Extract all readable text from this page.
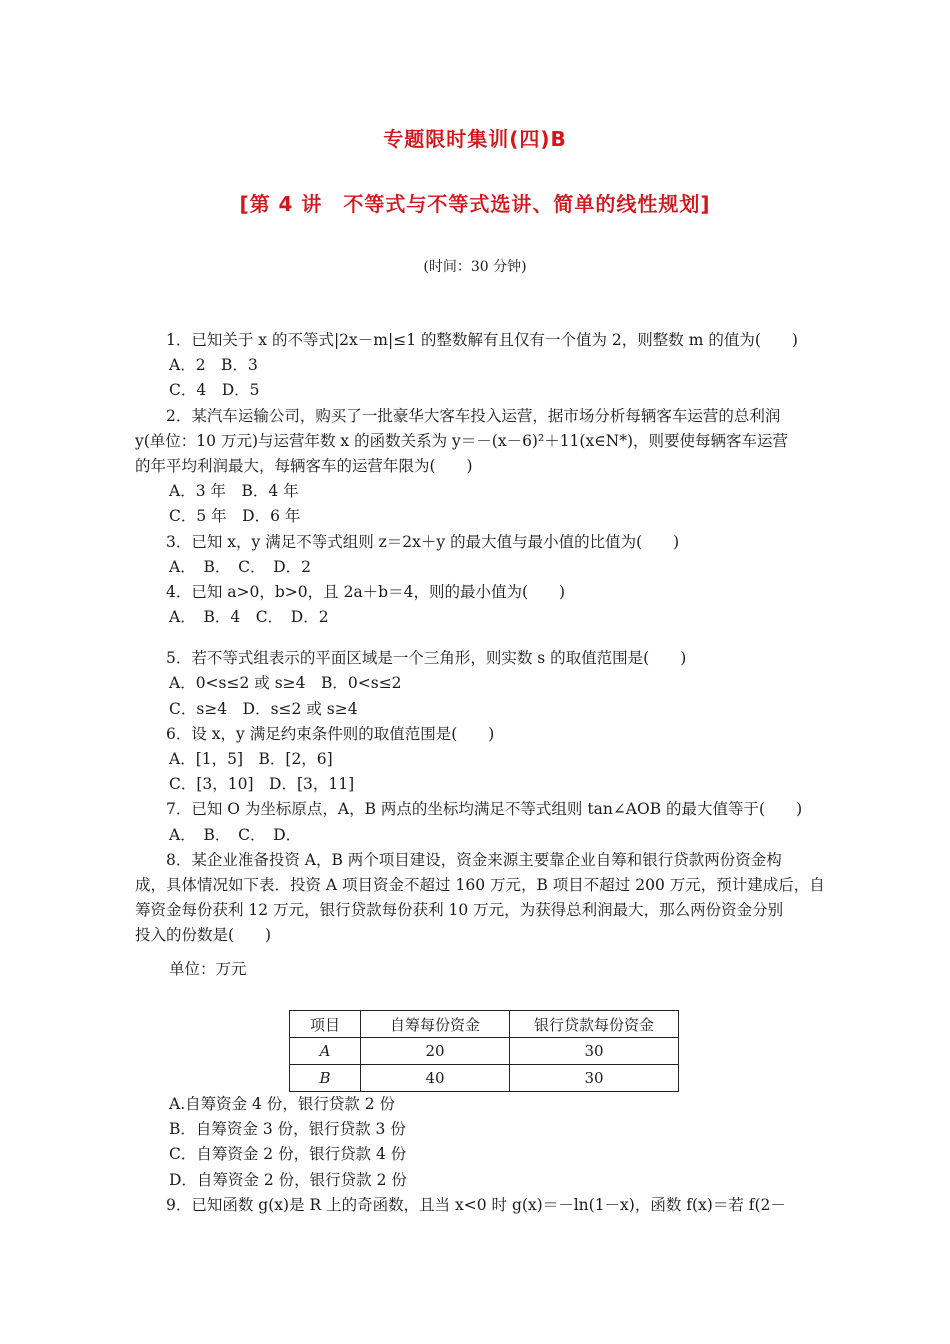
专题限时集训(四)B
[第 4 讲　不等式与不等式选讲、简单的线性规划]
(时间：30 分钟)
1．已知关于 x 的不等式|2x－m|≤1 的整数解有且仅有一个值为 2，则整数 m 的值为(　　)
A．2　B．3
C．4　D．5
2．某汽车运输公司，购买了一批豪华大客车投入运营，据市场分析每辆客车运营的总利润
y(单位：10 万元)与运营年数 x 的函数关系为 y＝－(x－6)²＋11(x∈N*)，则要使每辆客车运营
的年平均利润最大，每辆客车的运营年限为(　　)
A．3 年　B．4 年
C．5 年　D．6 年
3．已知 x，y 满足不等式组则 z＝2x＋y 的最大值与最小值的比值为(　　)
A．　B．　C．　D．2
4．已知 a>0，b>0，且 2a＋b＝4，则的最小值为(　　)
A．　B．4　C．　D．2
5．若不等式组表示的平面区域是一个三角形，则实数 s 的取值范围是(　　)
A．0<s≤2 或 s≥4　B．0<s≤2
C．s≥4　D．s≤2 或 s≥4
6．设 x，y 满足约束条件则的取值范围是(　　)
A．[1，5]　B．[2，6]
C．[3，10]　D．[3，11]
7．已知 O 为坐标原点，A，B 两点的坐标均满足不等式组则 tan∠AOB 的最大值等于(　　)
A．　B．　C．　D．
8．某企业准备投资 A，B 两个项目建设，资金来源主要靠企业自筹和银行贷款两份资金构
成，具体情况如下表．投资 A 项目资金不超过 160 万元，B 项目不超过 200 万元，预计建成后，自
筹资金每份获利 12 万元，银行贷款每份获利 10 万元，为获得总利润最大，那么两份资金分别
投入的份数是(　　)
单位：万元
项目	自筹每份资金	银行贷款每份资金
A	20	30
B	40	30
A.自筹资金 4 份，银行贷款 2 份
B．自筹资金 3 份，银行贷款 3 份
C．自筹资金 2 份，银行贷款 4 份
D．自筹资金 2 份，银行贷款 2 份
9．已知函数 g(x)是 R 上的奇函数，且当 x<0 时 g(x)＝－ln(1－x)，函数 f(x)＝若 f(2－
